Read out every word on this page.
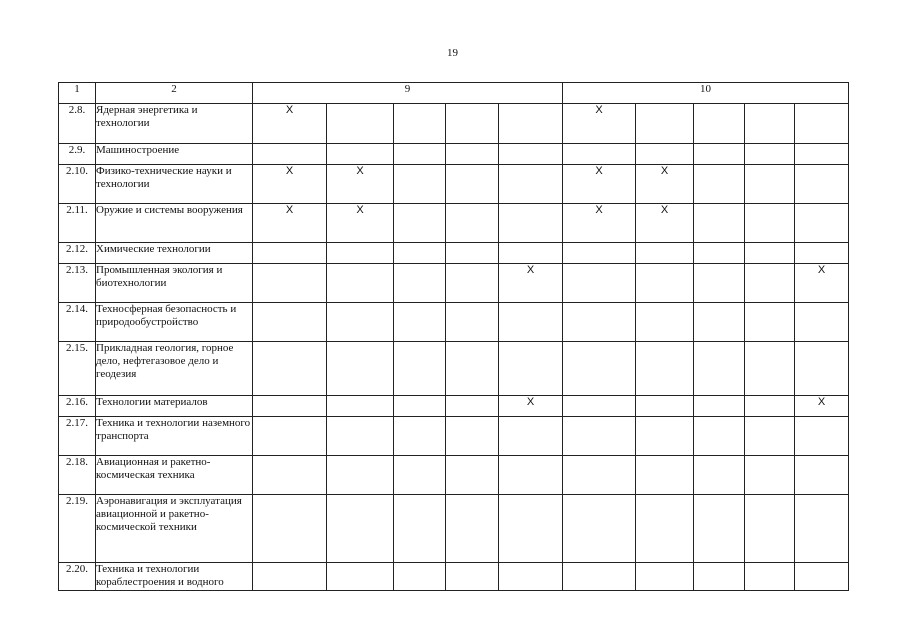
19
1	2	9					10				
2.8.	Ядерная энергетика и технологии	X					X				
2.9.	Машиностроение										
2.10.	Физико-технические науки и технологии	X	X				X	X			
2.11.	Оружие и системы вооружения	X	X				X	X			
2.12.	Химические технологии										
2.13.	Промышленная экология и биотехнологии					X					X
2.14.	Техносферная безопасность и природообустройство										
2.15.	Прикладная геология, горное дело, нефтегазовое дело и геодезия										
2.16.	Технологии материалов					X					X
2.17.	Техника и технологии наземного транспорта										
2.18.	Авиационная и ракетно-космическая техника										
2.19.	Аэронавигация и эксплуатация авиационной и ракетно-космической техники										
2.20.	Техника и технологии кораблестроения и водного										
